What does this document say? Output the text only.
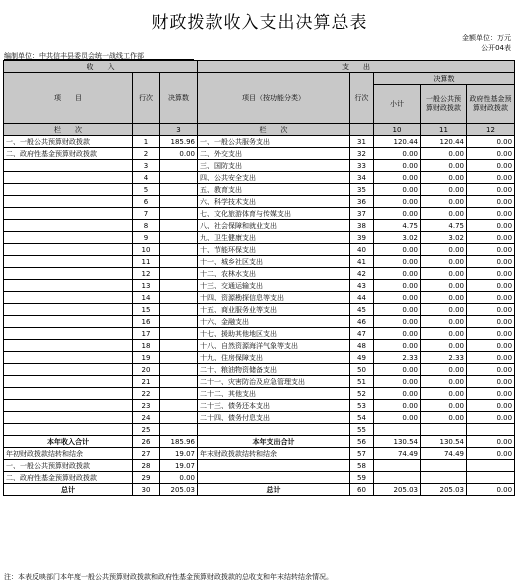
财政拨款收入支出决算总表
金额单位：万元
公开04表
编制单位：中共信丰县委员会统一战线工作部
收　　入			支　　出				
项　　目	行次	决算数	项目（按功能分类）	行次	决算数		
					小计	一般公共预算财政拨款	政府性基金预算财政拨款
栏　　次		3	栏　　次		10	11	12
一、一般公共预算财政拨款	1	185.96	一、一般公共服务支出	31	120.44	120.44	0.00
二、政府性基金预算财政拨款	2	0.00	二、外交支出	32	0.00	0.00	0.00
	3		三、国防支出	33	0.00	0.00	0.00
	4		四、公共安全支出	34	0.00	0.00	0.00
	5		五、教育支出	35	0.00	0.00	0.00
	6		六、科学技术支出	36	0.00	0.00	0.00
	7		七、文化旅游体育与传媒支出	37	0.00	0.00	0.00
	8		八、社会保障和就业支出	38	4.75	4.75	0.00
	9		九、卫生健康支出	39	3.02	3.02	0.00
	10		十、节能环保支出	40	0.00	0.00	0.00
	11		十一、城乡社区支出	41	0.00	0.00	0.00
	12		十二、农林水支出	42	0.00	0.00	0.00
	13		十三、交通运输支出	43	0.00	0.00	0.00
	14		十四、资源勘探信息等支出	44	0.00	0.00	0.00
	15		十五、商业服务业等支出	45	0.00	0.00	0.00
	16		十六、金融支出	46	0.00	0.00	0.00
	17		十七、援助其他地区支出	47	0.00	0.00	0.00
	18		十八、自然资源海洋气象等支出	48	0.00	0.00	0.00
	19		十九、住房保障支出	49	2.33	2.33	0.00
	20		二十、粮油物资储备支出	50	0.00	0.00	0.00
	21		二十一、灾害防治及应急管理支出	51	0.00	0.00	0.00
	22		二十二、其他支出	52	0.00	0.00	0.00
	23		二十三、债务还本支出	53	0.00	0.00	0.00
	24		二十四、债务付息支出	54	0.00	0.00	0.00
	25			55			
本年收入合计	26	185.96	本年支出合计	56	130.54	130.54	0.00
年初财政拨款结转和结余	27	19.07	年末财政拨款结转和结余	57	74.49	74.49	0.00
一、一般公共预算财政拨款	28	19.07		58			
二、政府性基金预算财政拨款	29	0.00		59			
总计	30	205.03	总计	60	205.03	205.03	0.00
注：本表反映部门本年度一般公共预算财政拨款和政府性基金预算财政拨款的总收支和年末结转结余情况。
